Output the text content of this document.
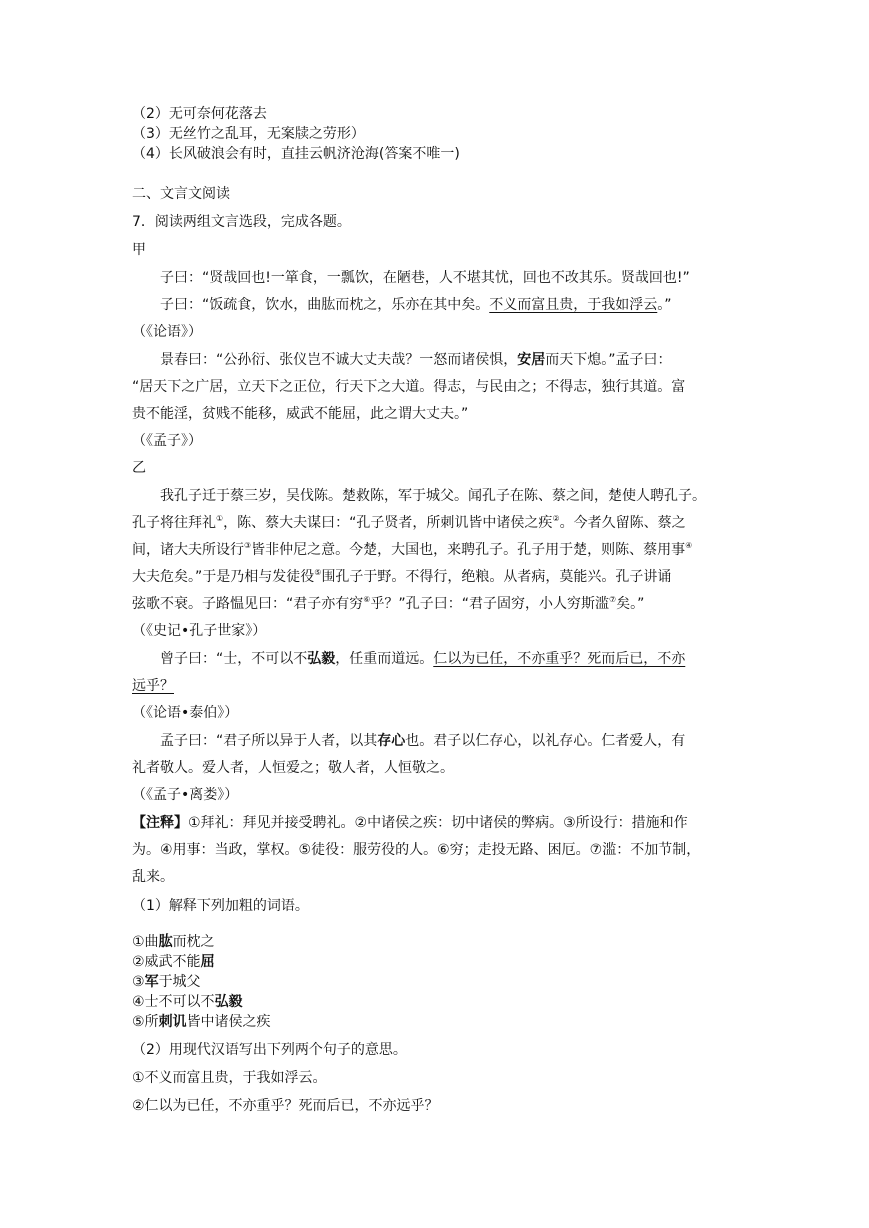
（2）无可奈何花落去

（3）无丝竹之乱耳，无案牍之劳形）

（4）长风破浪会有时，直挂云帆济沧海(答案不唯一)

二、文言文阅读

7．阅读两组文言选段，完成各题。

甲

子曰：“贤哉回也!一箪食，一瓢饮，在陋巷，人不堪其忧，回也不改其乐。贤哉回也!”

子曰：“饭疏食，饮水，曲肱而枕之，乐亦在其中矣。不义而富且贵，于我如浮云。”

（《论语》）

景春曰：“公孙衍、张仪岂不诚大丈夫哉？一怒而诸侯惧，安居而天下熄。”孟子曰：

“居天下之广居，立天下之正位，行天下之大道。得志，与民由之；不得志，独行其道。富

贵不能淫，贫贱不能移，威武不能屈，此之谓大丈夫。”

（《孟子》）

乙

我孔子迁于蔡三岁，吴伐陈。楚救陈，军于城父。闻孔子在陈、蔡之间，楚使人聘孔子。

孔子将往拜礼①，陈、蔡大夫谋曰：“孔子贤者，所刺讥皆中诸侯之疾②。今者久留陈、蔡之

间，诸大夫所设行③皆非仲尼之意。今楚，大国也，来聘孔子。孔子用于楚，则陈、蔡用事④

大夫危矣。”于是乃相与发徒役⑤围孔子于野。不得行，绝粮。从者病，莫能兴。孔子讲诵

弦歌不衰。子路愠见曰：“君子亦有穷⑥乎？”孔子曰：“君子固穷，小人穷斯滥⑦矣。”

（《史记•孔子世家》）

曾子曰：“士，不可以不弘毅，任重而道远。仁以为已任，不亦重乎？死而后已，不亦

远乎？

（《论语•泰伯》）

孟子曰：“君子所以异于人者，以其存心也。君子以仁存心，以礼存心。仁者爱人，有

礼者敬人。爱人者，人恒爱之；敬人者，人恒敬之。

（《孟子•离娄》）

【注释】①拜礼：拜见并接受聘礼。②中诸侯之疾：切中诸侯的弊病。③所设行：措施和作

为。④用事：当政，掌权。⑤徒役：服劳役的人。⑥穷；走投无路、困厄。⑦滥：不加节制，

乱来。

（1）解释下列加粗的词语。

①曲肱而枕之

②威武不能屈

③军于城父

④士不可以不弘毅

⑤所刺讥皆中诸侯之疾

（2）用现代汉语写出下列两个句子的意思。

①不义而富且贵，于我如浮云。

②仁以为已任，不亦重乎？死而后已，不亦远乎？
